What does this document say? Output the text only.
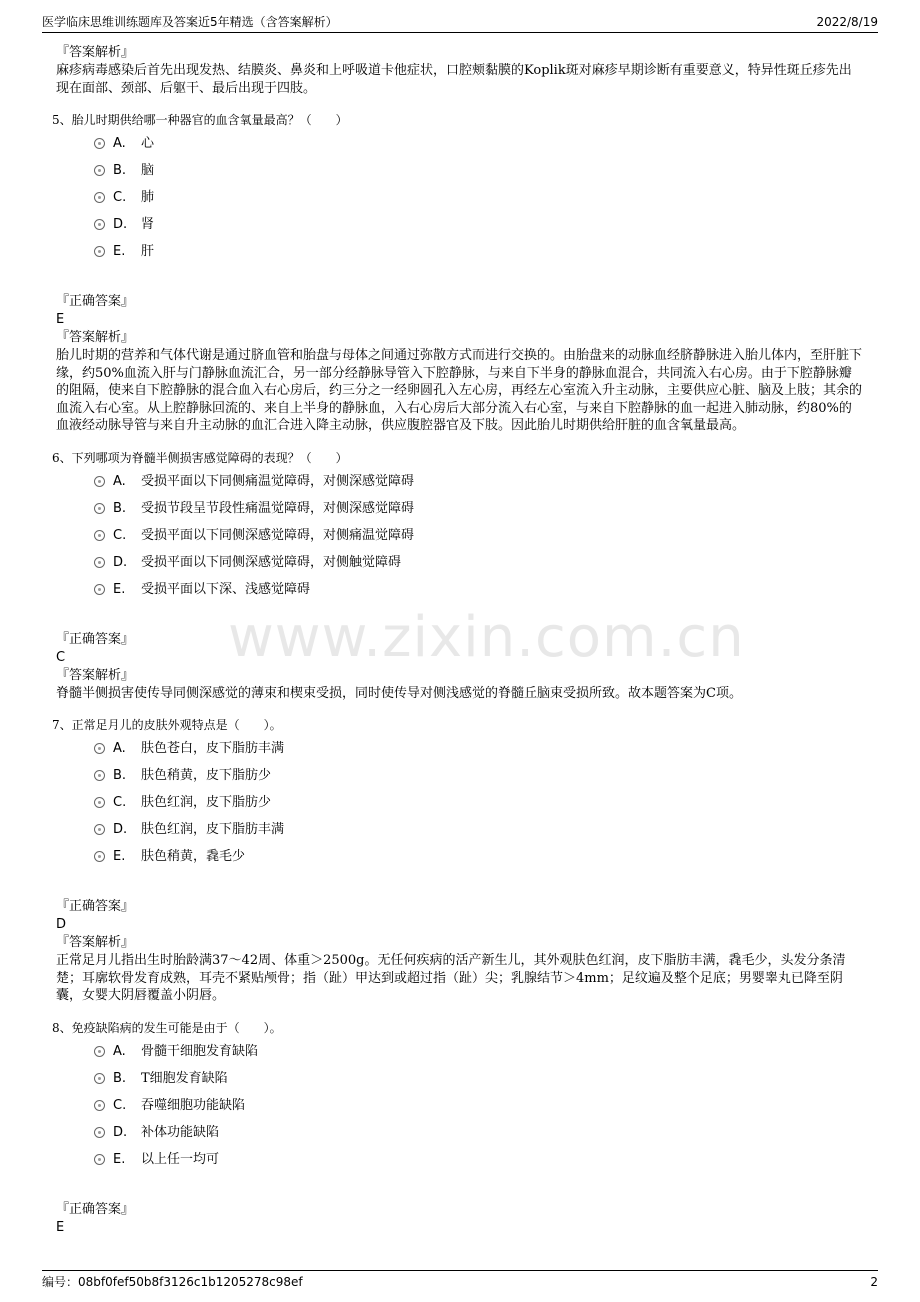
医学临床思维训练题库及答案近5年精选（含答案解析）	2022/8/19
www.zixin.com.cn
『答案解析』
麻疹病毒感染后首先出现发热、结膜炎、鼻炎和上呼吸道卡他症状，口腔颊黏膜的Koplik斑对麻疹早期诊断有重要意义，特异性斑丘疹先出现在面部、颈部、后躯干、最后出现于四肢。
5、胎儿时期供给哪一种器官的血含氧量最高？（　　）
A. 心
B. 脑
C. 肺
D. 肾
E. 肝
『正确答案』
E
『答案解析』
胎儿时期的营养和气体代谢是通过脐血管和胎盘与母体之间通过弥散方式而进行交换的。由胎盘来的动脉血经脐静脉进入胎儿体内，至肝脏下缘，约50%血流入肝与门静脉血流汇合，另一部分经静脉导管入下腔静脉，与来自下半身的静脉血混合，共同流入右心房。由于下腔静脉瓣的阻隔，使来自下腔静脉的混合血入右心房后，约三分之一经卵圆孔入左心房，再经左心室流入升主动脉，主要供应心脏、脑及上肢；其余的血流入右心室。从上腔静脉回流的、来自上半身的静脉血，入右心房后大部分流入右心室，与来自下腔静脉的血一起进入肺动脉，约80%的血液经动脉导管与来自升主动脉的血汇合进入降主动脉，供应腹腔器官及下肢。因此胎儿时期供给肝脏的血含氧量最高。
6、下列哪项为脊髓半侧损害感觉障碍的表现？（　　）
A. 受损平面以下同侧痛温觉障碍，对侧深感觉障碍
B. 受损节段呈节段性痛温觉障碍，对侧深感觉障碍
C. 受损平面以下同侧深感觉障碍，对侧痛温觉障碍
D. 受损平面以下同侧深感觉障碍，对侧触觉障碍
E. 受损平面以下深、浅感觉障碍
『正确答案』
C
『答案解析』
脊髓半侧损害使传导同侧深感觉的薄束和楔束受损，同时使传导对侧浅感觉的脊髓丘脑束受损所致。故本题答案为C项。
7、正常足月儿的皮肤外观特点是（　　）。
A. 肤色苍白，皮下脂肪丰满
B. 肤色稍黄，皮下脂肪少
C. 肤色红润，皮下脂肪少
D. 肤色红润，皮下脂肪丰满
E. 肤色稍黄，毳毛少
『正确答案』
D
『答案解析』
正常足月儿指出生时胎龄满37～42周、体重＞2500g。无任何疾病的活产新生儿，其外观肤色红润，皮下脂肪丰满，毳毛少，头发分条清楚；耳廓软骨发育成熟，耳壳不紧贴颅骨；指（趾）甲达到或超过指（趾）尖；乳腺结节＞4mm；足纹遍及整个足底；男婴睾丸已降至阴囊，女婴大阴唇覆盖小阴唇。
8、免疫缺陷病的发生可能是由于（　　）。
A. 骨髓干细胞发育缺陷
B. T细胞发育缺陷
C. 吞噬细胞功能缺陷
D. 补体功能缺陷
E. 以上任一均可
『正确答案』
E
编号：08bf0fef50b8f3126c1b1205278c98ef	2
